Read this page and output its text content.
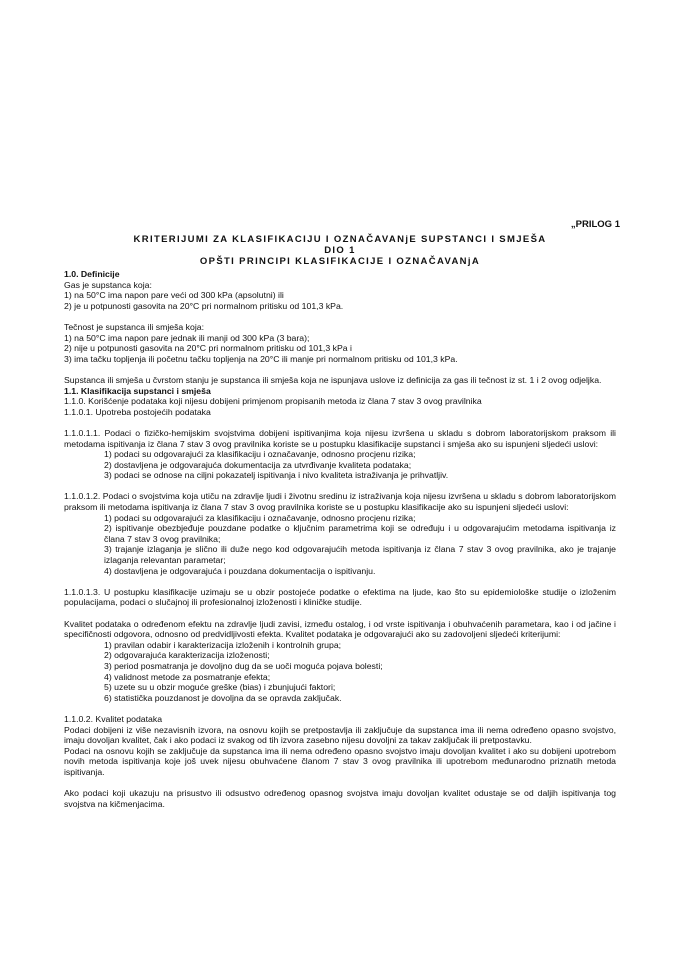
„PRILOG 1
KRITERIJUMI ZA KLASIFIKACIJU I OZNAČAVANjE SUPSTANCI I SMJEŠA
DIO 1
OPŠTI PRINCIPI KLASIFIKACIJE I OZNAČAVANjA

1.0. Definicije

Gas je supstanca koja:

1) na 50°C ima napon pare veći od 300 kPa (apsolutni) ili

2) je u potpunosti gasovita na 20°C pri normalnom pritisku od 101,3 kPa.

Tečnost je supstanca ili smješa koja:

1) na 50°C ima napon pare jednak ili manji od 300 kPa (3 bara);

2) nije u potpunosti gasovita na 20°C pri normalnom pritisku od 101,3 kPa i

3) ima tačku topljenja ili početnu tačku topljenja na 20°C ili manje pri normalnom pritisku od 101,3 kPa.

Supstanca ili smješa u čvrstom stanju je supstanca ili smješa koja ne ispunjava uslove iz definicija za gas ili tečnost iz st. 1 i 2 ovog odjeljka.

1.1. Klasifikacija supstanci i smješa

1.1.0. Korišćenje podataka koji nijesu dobijeni primjenom propisanih metoda iz člana 7 stav 3 ovog pravilnika

1.1.0.1. Upotreba postojećih podataka

1.1.0.1.1. Podaci o fizičko-hemijskim svojstvima dobijeni ispitivanjima koja nijesu izvršena u skladu s dobrom laboratorijskom praksom ili metodama ispitivanja iz člana 7 stav 3 ovog pravilnika koriste se u postupku klasifikacije supstanci i smješa ako su ispunjeni sljedeći uslovi:

1) podaci su odgovarajući za klasifikaciju i označavanje, odnosno procjenu rizika;

2) dostavljena je odgovarajuća dokumentacija za utvrđivanje kvaliteta podataka;

3) podaci se odnose na ciljni pokazatelj ispitivanja i nivo kvaliteta istraživanja je prihvatljiv.

1.1.0.1.2. Podaci o svojstvima koja utiču na zdravlje ljudi i životnu sredinu iz istraživanja koja nijesu izvršena u skladu s dobrom laboratorijskom praksom ili metodama ispitivanja iz člana 7 stav 3 ovog pravilnika koriste se u postupku klasifikacije ako su ispunjeni sljedeći uslovi:

1) podaci su odgovarajući za klasifikaciju i označavanje, odnosno procjenu rizika;

2) ispitivanje obezbjeđuje pouzdane podatke o ključnim parametrima koji se određuju i u odgovarajućim metodama ispitivanja iz člana 7 stav 3 ovog pravilnika;

3) trajanje izlaganja je slično ili duže nego kod odgovarajućih metoda ispitivanja iz člana 7 stav 3 ovog pravilnika, ako je trajanje izlaganja relevantan parametar;

4) dostavljena je odgovarajuća i pouzdana dokumentacija o ispitivanju.

1.1.0.1.3. U postupku klasifikacije uzimaju se u obzir postojeće podatke o efektima na ljude, kao što su epidemiološke studije o izloženim populacijama, podaci o slučajnoj ili profesionalnoj izloženosti i kliničke studije.

Kvalitet podataka o određenom efektu na zdravlje ljudi zavisi, između ostalog, i od vrste ispitivanja i obuhvaćenih parametara, kao i od jačine i specifičnosti odgovora, odnosno od predvidljivosti efekta. Kvalitet podataka je odgovarajući ako su zadovoljeni sljedeći kriterijumi:

1) pravilan odabir i karakterizacija izloženih i kontrolnih grupa;

2) odgovarajuća karakterizacija izloženosti;

3) period posmatranja je dovoljno dug da se uoči moguća pojava bolesti;

4) validnost metode za posmatranje efekta;

5) uzete su u obzir moguće greške (bias) i zbunjujući faktori;

6) statistička pouzdanost je dovoljna da se opravda zaključak.

1.1.0.2. Kvalitet podataka

Podaci dobijeni iz više nezavisnih izvora, na osnovu kojih se pretpostavlja ili zaključuje da supstanca ima ili nema određeno opasno svojstvo, imaju dovoljan kvalitet, čak i ako podaci iz svakog od tih izvora zasebno nijesu dovoljni za takav zaključak ili pretpostavku.

Podaci na osnovu kojih se zaključuje da supstanca ima ili nema određeno opasno svojstvo imaju dovoljan kvalitet i ako su dobijeni upotrebom novih metoda ispitivanja koje još uvek nijesu obuhvaćene članom 7 stav 3 ovog pravilnika ili upotrebom međunarodno priznatih metoda ispitivanja.

Ako podaci koji ukazuju na prisustvo ili odsustvo određenog opasnog svojstva imaju dovoljan kvalitet odustaje se od daljih ispitivanja tog svojstva na kičmenjacima.
